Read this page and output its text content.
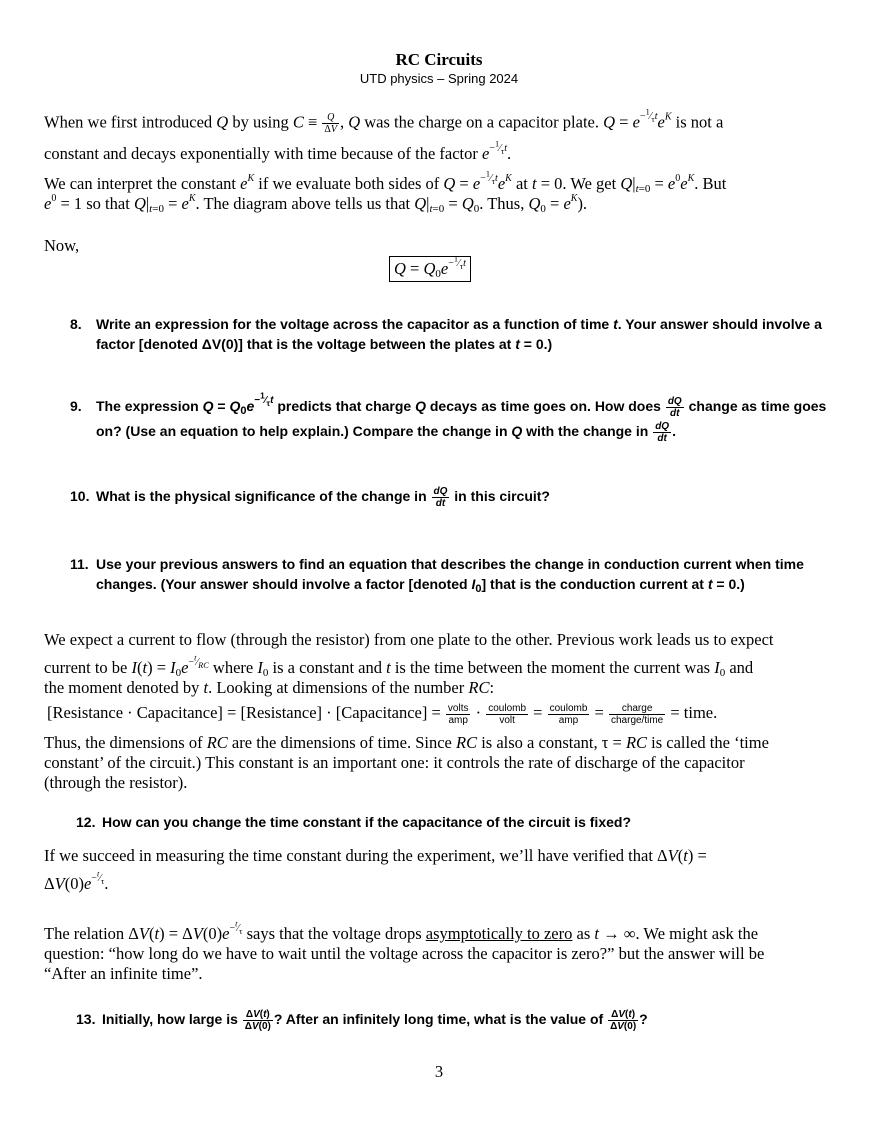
RC Circuits
UTD physics – Spring 2024
When we first introduced Q by using $C \equiv \frac{Q}{\Delta V}$ , Q was the charge on a capacitor plate. $Q = e^{-^1⁄_\tau t}e^K$ is not a
constant and decays exponentially with time because of the factor $e^{-^1⁄_\tau t}$.
We can interpret the constant $e^K$ if we evaluate both sides of $Q = e^{-^1⁄_\tau t}e^K$ at t = 0. We get $Q|_{t=0} = e^0e^K$. But
$e^0 = 1$ so that $Q|_{t=0} = e^K$. The diagram above tells us that $Q|_{t=0} = Q_0$. Thus, $Q_0 = e^K$).
Now,
$Q = Q_0e^{-^1⁄_\tau t}$
8. Write an expression for the voltage across the capacitor as a function of time t. Your answer should involve a
factor [denoted ΔV(0)] that is the voltage between the plates at t = 0.)
9. The expression $Q = Q_0e^{-^1⁄_\tau t}$ predicts that charge Q decays as time goes on. How does $\frac{dQ}{dt}$ change as time goes
on? (Use an equation to help explain.) Compare the change in Q with the change in $\frac{dQ}{dt}$ .
10. What is the physical significance of the change in $\frac{dQ}{dt}$ in this circuit?
11. Use your previous answers to find an equation that describes the change in conduction current when time
changes. (Your answer should involve a factor [denoted $I_0$] that is the conduction current at t = 0.)
We expect a current to flow (through the resistor) from one plate to the other. Previous work leads us to expect
current to be $I(t) = I_0e^{-^t⁄_{RC}}$ where $I_0$ is a constant and t is the time between the moment the current was $I_0$ and
the moment denoted by t. Looking at dimensions of the number RC:
[Resistance · Capacitance] = [Resistance] · [Capacitance] = $\frac{\text{volts}}{\text{amp}} \cdot \frac{\text{coulomb}}{\text{volt}} = \frac{\text{coulomb}}{\text{amp}} = \frac{\text{charge}}{\text{charge/time}}$ = time.
Thus, the dimensions of RC are the dimensions of time. Since RC is also a constant, τ = RC is called the ‘time
constant’ of the circuit.) This constant is an important one: it controls the rate of discharge of the capacitor
(through the resistor).
12. How can you change the time constant if the capacitance of the circuit is fixed?
If we succeed in measuring the time constant during the experiment, we’ll have verified that ΔV(t) =
$\Delta V(0)e^{-^t⁄_\tau}$.
The relation $\Delta V(t) = \Delta V(0)e^{-^t⁄_\tau}$ says that the voltage drops asymptotically to zero as t → ∞. We might ask the
question: “how long do we have to wait until the voltage across the capacitor is zero?” but the answer will be
“After an infinite time”.
13. Initially, how large is $\frac{\Delta V(t)}{\Delta V(0)}$ ? After an infinitely long time, what is the value of $\frac{\Delta V(t)}{\Delta V(0)}$ ?
3
